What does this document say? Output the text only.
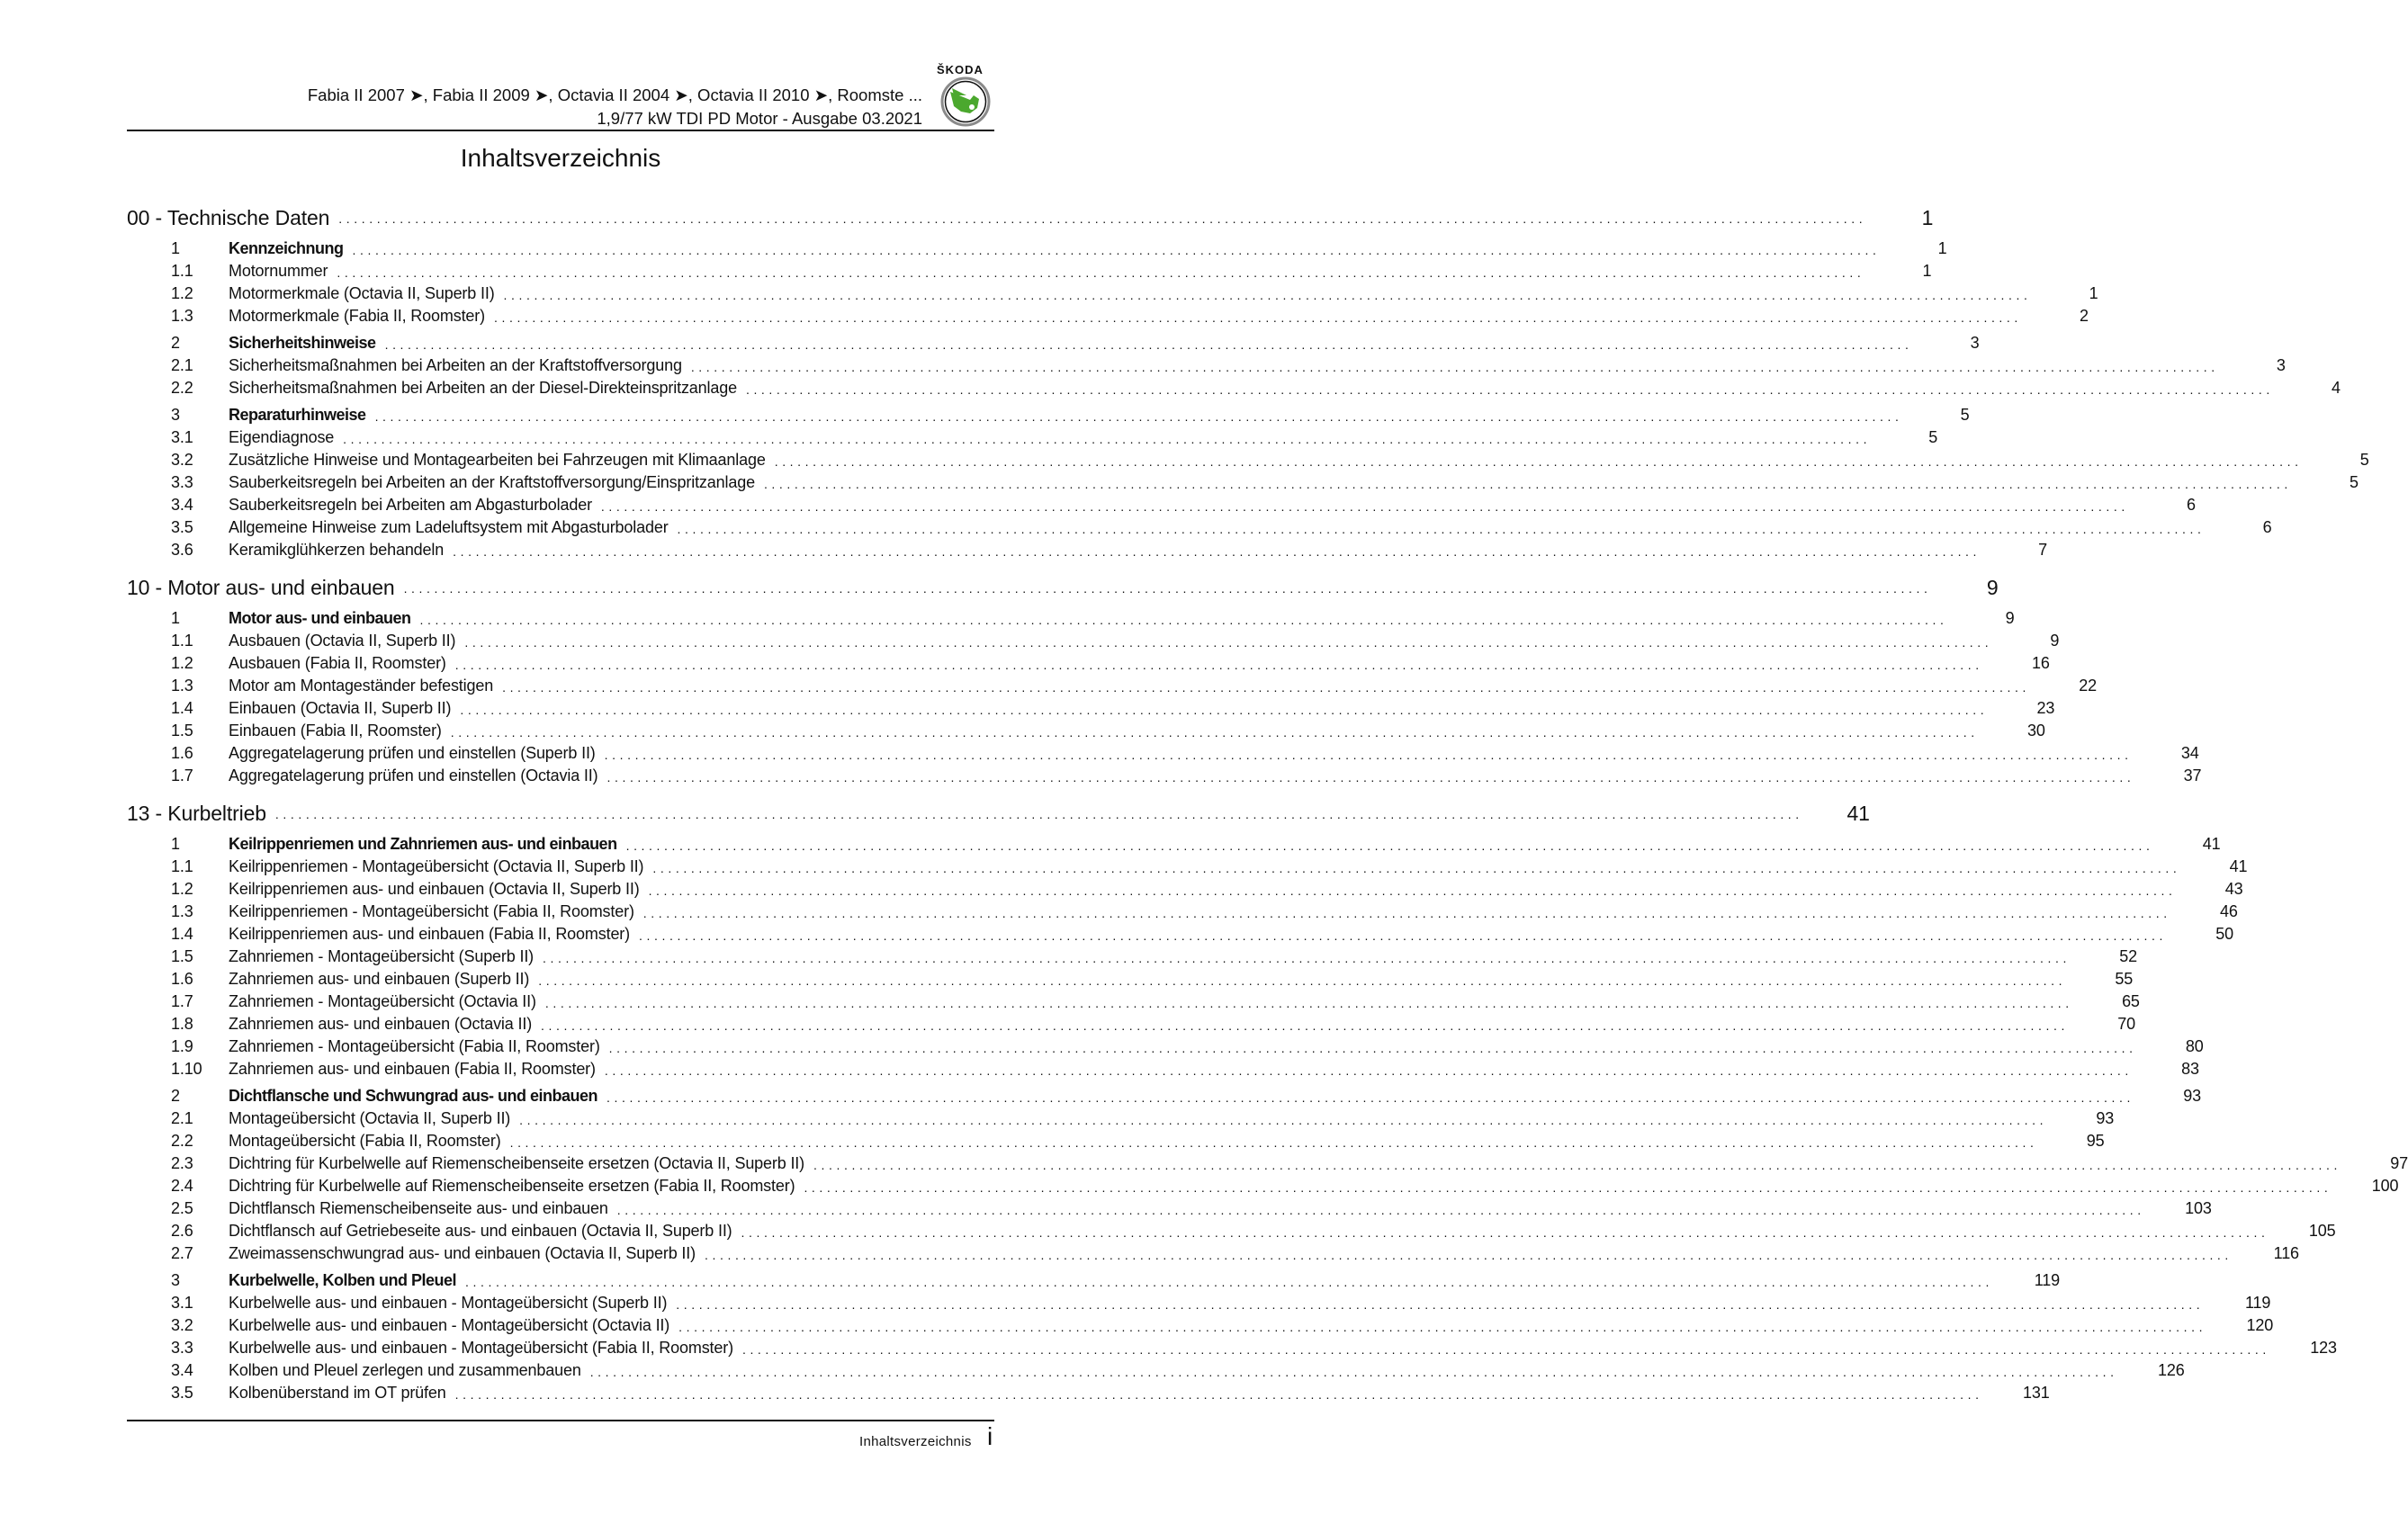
Fabia II 2007 ➤, Fabia II 2009 ➤, Octavia II 2004 ➤, Octavia II 2010 ➤, Roomste ...
1,9/77 kW TDI PD Motor - Ausgabe 03.2021
ŠKODA
Inhaltsverzeichnis
00 - Technische Daten ........................................................................................................................................................................................................	1
1	Kennzeichnung ........................................................................................................................................................................................................	1
1.1	Motornummer ........................................................................................................................................................................................................	1
1.2	Motormerkmale (Octavia II, Superb II) ........................................................................................................................................................................................................	1
1.3	Motormerkmale (Fabia II, Roomster) ........................................................................................................................................................................................................	2
2	Sicherheitshinweise ........................................................................................................................................................................................................	3
2.1	Sicherheitsmaßnahmen bei Arbeiten an der Kraftstoffversorgung ........................................................................................................................................................................................................	3
2.2	Sicherheitsmaßnahmen bei Arbeiten an der Diesel-Direkteinspritzanlage ........................................................................................................................................................................................................	4
3	Reparaturhinweise ........................................................................................................................................................................................................	5
3.1	Eigendiagnose ........................................................................................................................................................................................................	5
3.2	Zusätzliche Hinweise und Montagearbeiten bei Fahrzeugen mit Klimaanlage ........................................................................................................................................................................................................	5
3.3	Sauberkeitsregeln bei Arbeiten an der Kraftstoffversorgung/Einspritzanlage ........................................................................................................................................................................................................	5
3.4	Sauberkeitsregeln bei Arbeiten am Abgasturbolader ........................................................................................................................................................................................................	6
3.5	Allgemeine Hinweise zum Ladeluftsystem mit Abgasturbolader ........................................................................................................................................................................................................	6
3.6	Keramikglühkerzen behandeln ........................................................................................................................................................................................................	7
10 - Motor aus- und einbauen ........................................................................................................................................................................................................	9
1	Motor aus- und einbauen ........................................................................................................................................................................................................	9
1.1	Ausbauen (Octavia II, Superb II) ........................................................................................................................................................................................................	9
1.2	Ausbauen (Fabia II, Roomster) ........................................................................................................................................................................................................	16
1.3	Motor am Montageständer befestigen ........................................................................................................................................................................................................	22
1.4	Einbauen (Octavia II, Superb II) ........................................................................................................................................................................................................	23
1.5	Einbauen (Fabia II, Roomster) ........................................................................................................................................................................................................	30
1.6	Aggregatelagerung prüfen und einstellen (Superb II) ........................................................................................................................................................................................................	34
1.7	Aggregatelagerung prüfen und einstellen (Octavia II) ........................................................................................................................................................................................................	37
13 - Kurbeltrieb ........................................................................................................................................................................................................	41
1	Keilrippenriemen und Zahnriemen aus- und einbauen ........................................................................................................................................................................................................	41
1.1	Keilrippenriemen - Montageübersicht (Octavia II, Superb II) ........................................................................................................................................................................................................	41
1.2	Keilrippenriemen aus- und einbauen (Octavia II, Superb II) ........................................................................................................................................................................................................	43
1.3	Keilrippenriemen - Montageübersicht (Fabia II, Roomster) ........................................................................................................................................................................................................	46
1.4	Keilrippenriemen aus- und einbauen (Fabia II, Roomster) ........................................................................................................................................................................................................	50
1.5	Zahnriemen - Montageübersicht (Superb II) ........................................................................................................................................................................................................	52
1.6	Zahnriemen aus- und einbauen (Superb II) ........................................................................................................................................................................................................	55
1.7	Zahnriemen - Montageübersicht (Octavia II) ........................................................................................................................................................................................................	65
1.8	Zahnriemen aus- und einbauen (Octavia II) ........................................................................................................................................................................................................	70
1.9	Zahnriemen - Montageübersicht (Fabia II, Roomster) ........................................................................................................................................................................................................	80
1.10	Zahnriemen aus- und einbauen (Fabia II, Roomster) ........................................................................................................................................................................................................	83
2	Dichtflansche und Schwungrad aus- und einbauen ........................................................................................................................................................................................................	93
2.1	Montageübersicht (Octavia II, Superb II) ........................................................................................................................................................................................................	93
2.2	Montageübersicht (Fabia II, Roomster) ........................................................................................................................................................................................................	95
2.3	Dichtring für Kurbelwelle auf Riemenscheibenseite ersetzen (Octavia II, Superb II) ........................................................................................................................................................................................................	97
2.4	Dichtring für Kurbelwelle auf Riemenscheibenseite ersetzen (Fabia II, Roomster) ........................................................................................................................................................................................................	100
2.5	Dichtflansch Riemenscheibenseite aus- und einbauen ........................................................................................................................................................................................................	103
2.6	Dichtflansch auf Getriebeseite aus- und einbauen (Octavia II, Superb II) ........................................................................................................................................................................................................	105
2.7	Zweimassenschwungrad aus- und einbauen (Octavia II, Superb II) ........................................................................................................................................................................................................	116
3	Kurbelwelle, Kolben und Pleuel ........................................................................................................................................................................................................	119
3.1	Kurbelwelle aus- und einbauen - Montageübersicht (Superb II) ........................................................................................................................................................................................................	119
3.2	Kurbelwelle aus- und einbauen - Montageübersicht (Octavia II) ........................................................................................................................................................................................................	120
3.3	Kurbelwelle aus- und einbauen - Montageübersicht (Fabia II, Roomster) ........................................................................................................................................................................................................	123
3.4	Kolben und Pleuel zerlegen und zusammenbauen ........................................................................................................................................................................................................	126
3.5	Kolbenüberstand im OT prüfen ........................................................................................................................................................................................................	131
Inhaltsverzeichnis i
